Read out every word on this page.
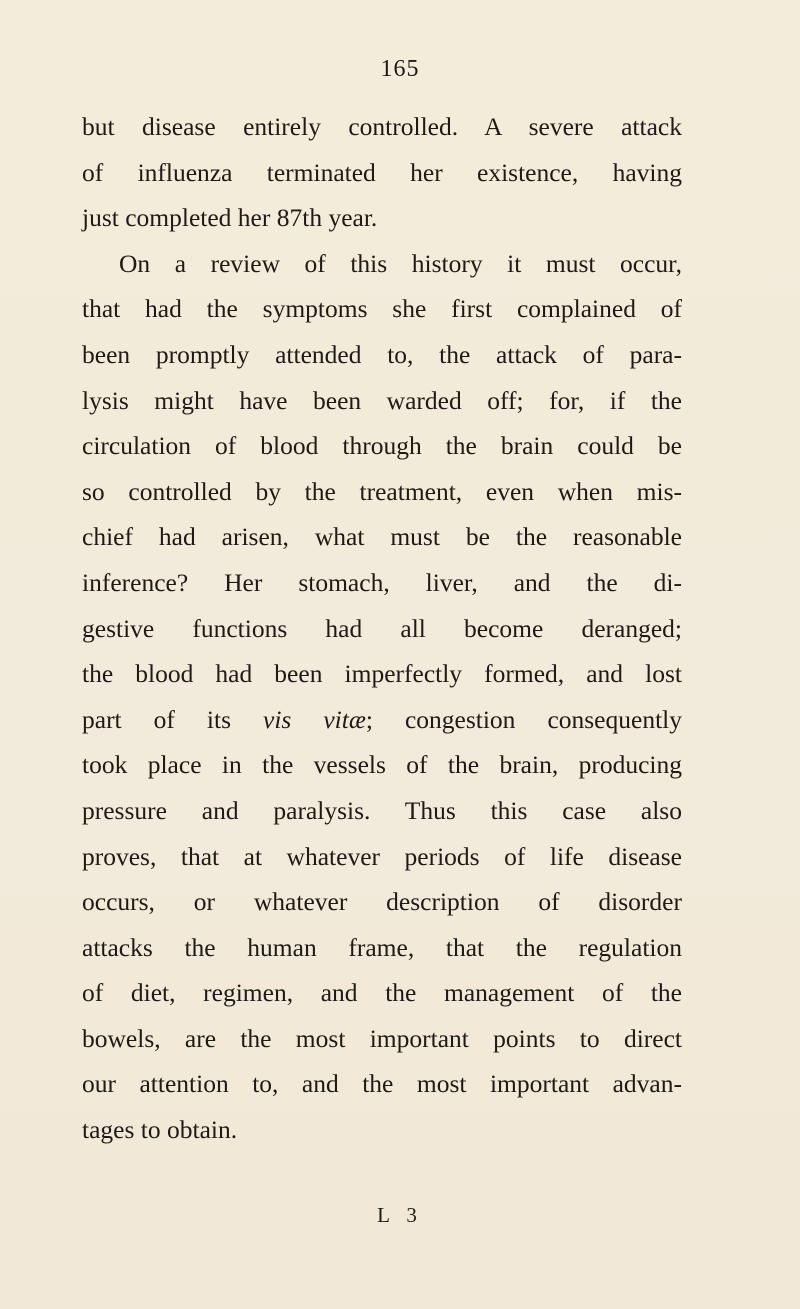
165
but disease entirely controlled. A severe attack
of influenza terminated her existence, having
just completed her 87th year.
On a review of this history it must occur,
that had the symptoms she first complained of
been promptly attended to, the attack of para-
lysis might have been warded off; for, if the
circulation of blood through the brain could be
so controlled by the treatment, even when mis-
chief had arisen, what must be the reasonable
inference? Her stomach, liver, and the di-
gestive functions had all become deranged;
the blood had been imperfectly formed, and lost
part of its vis vitæ; congestion consequently
took place in the vessels of the brain, producing
pressure and paralysis. Thus this case also
proves, that at whatever periods of life disease
occurs, or whatever description of disorder
attacks the human frame, that the regulation
of diet, regimen, and the management of the
bowels, are the most important points to direct
our attention to, and the most important advan-
tages to obtain.
L 3
